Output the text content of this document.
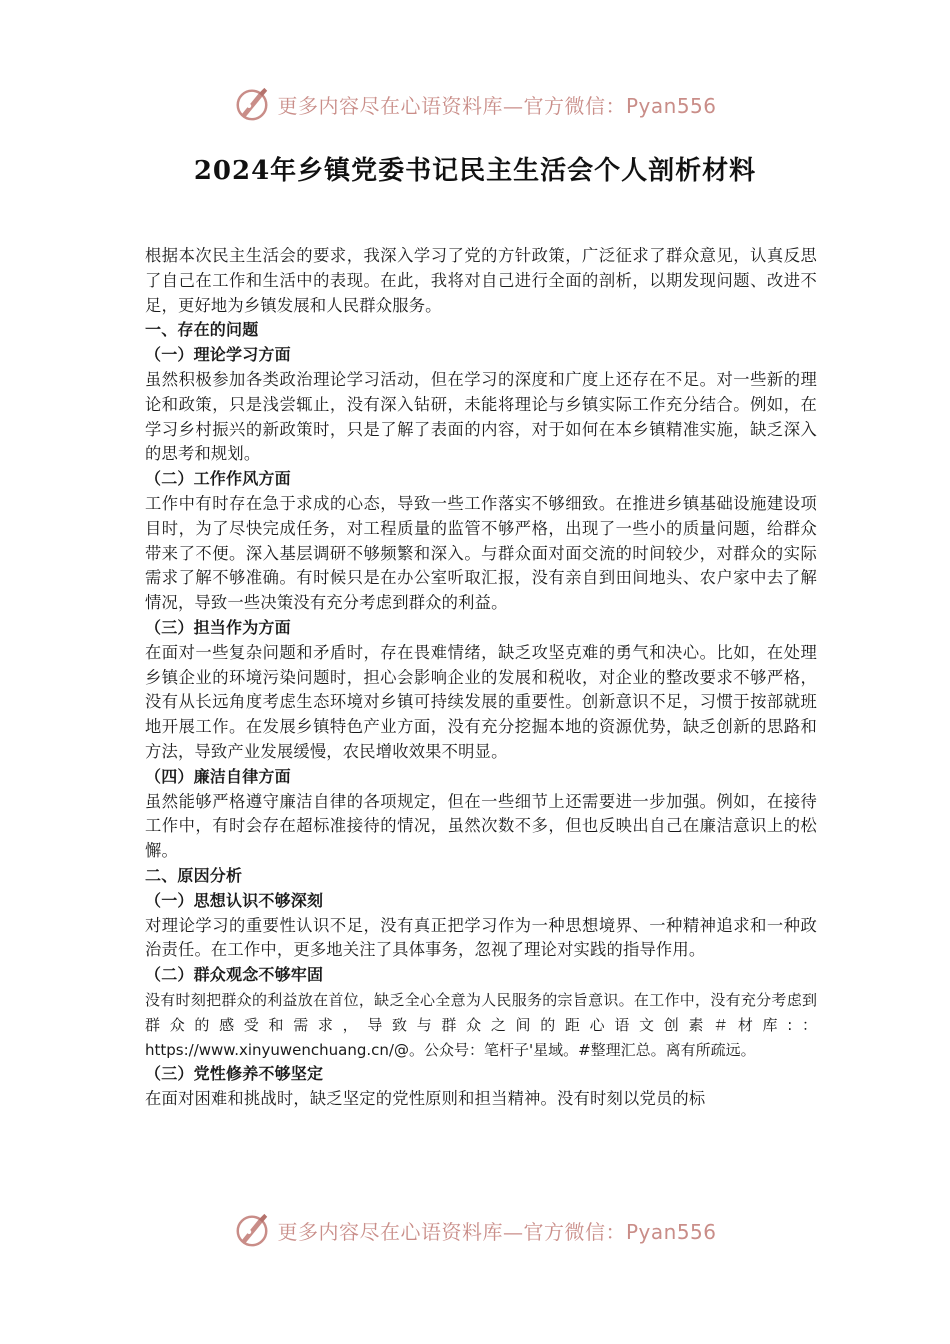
更多内容尽在心语资料库—官方微信：Pyan556
2024年乡镇党委书记民主生活会个人剖析材料

根据本次民主生活会的要求，我深入学习了党的方针政策，广泛征求了群众意见，认真反思了自己在工作和生活中的表现。在此，我将对自己进行全面的剖析，以期发现问题、改进不足，更好地为乡镇发展和人民群众服务。

一、存在的问题

（一）理论学习方面

虽然积极参加各类政治理论学习活动，但在学习的深度和广度上还存在不足。对一些新的理论和政策，只是浅尝辄止，没有深入钻研，未能将理论与乡镇实际工作充分结合。例如，在学习乡村振兴的新政策时，只是了解了表面的内容，对于如何在本乡镇精准实施，缺乏深入的思考和规划。

（二）工作作风方面

工作中有时存在急于求成的心态，导致一些工作落实不够细致。在推进乡镇基础设施建设项目时，为了尽快完成任务，对工程质量的监管不够严格，出现了一些小的质量问题，给群众带来了不便。深入基层调研不够频繁和深入。与群众面对面交流的时间较少，对群众的实际需求了解不够准确。有时候只是在办公室听取汇报，没有亲自到田间地头、农户家中去了解情况，导致一些决策没有充分考虑到群众的利益。

（三）担当作为方面

在面对一些复杂问题和矛盾时，存在畏难情绪，缺乏攻坚克难的勇气和决心。比如，在处理乡镇企业的环境污染问题时，担心会影响企业的发展和税收，对企业的整改要求不够严格，没有从长远角度考虑生态环境对乡镇可持续发展的重要性。创新意识不足，习惯于按部就班地开展工作。在发展乡镇特色产业方面，没有充分挖掘本地的资源优势，缺乏创新的思路和方法，导致产业发展缓慢，农民增收效果不明显。

（四）廉洁自律方面

虽然能够严格遵守廉洁自律的各项规定，但在一些细节上还需要进一步加强。例如，在接待工作中，有时会存在超标准接待的情况，虽然次数不多，但也反映出自己在廉洁意识上的松懈。

二、原因分析

（一）思想认识不够深刻

对理论学习的重要性认识不足，没有真正把学习作为一种思想境界、一种精神追求和一种政治责任。在工作中，更多地关注了具体事务，忽视了理论对实践的指导作用。

（二）群众观念不够牢固

没有时刻把群众的利益放在首位，缺乏全心全意为人民服务的宗旨意识。在工作中，没有充分考虑到群众的感受和需求，导致与群众之间的距心语文创素＃材库:： https://www.xinyuwenchuang.cn/@。公众号：笔杆子'星域。#整理汇总。离有所疏远。

（三）党性修养不够坚定

在面对困难和挑战时，缺乏坚定的党性原则和担当精神。没有时刻以党员的标

更多内容尽在心语资料库—官方微信：Pyan556
